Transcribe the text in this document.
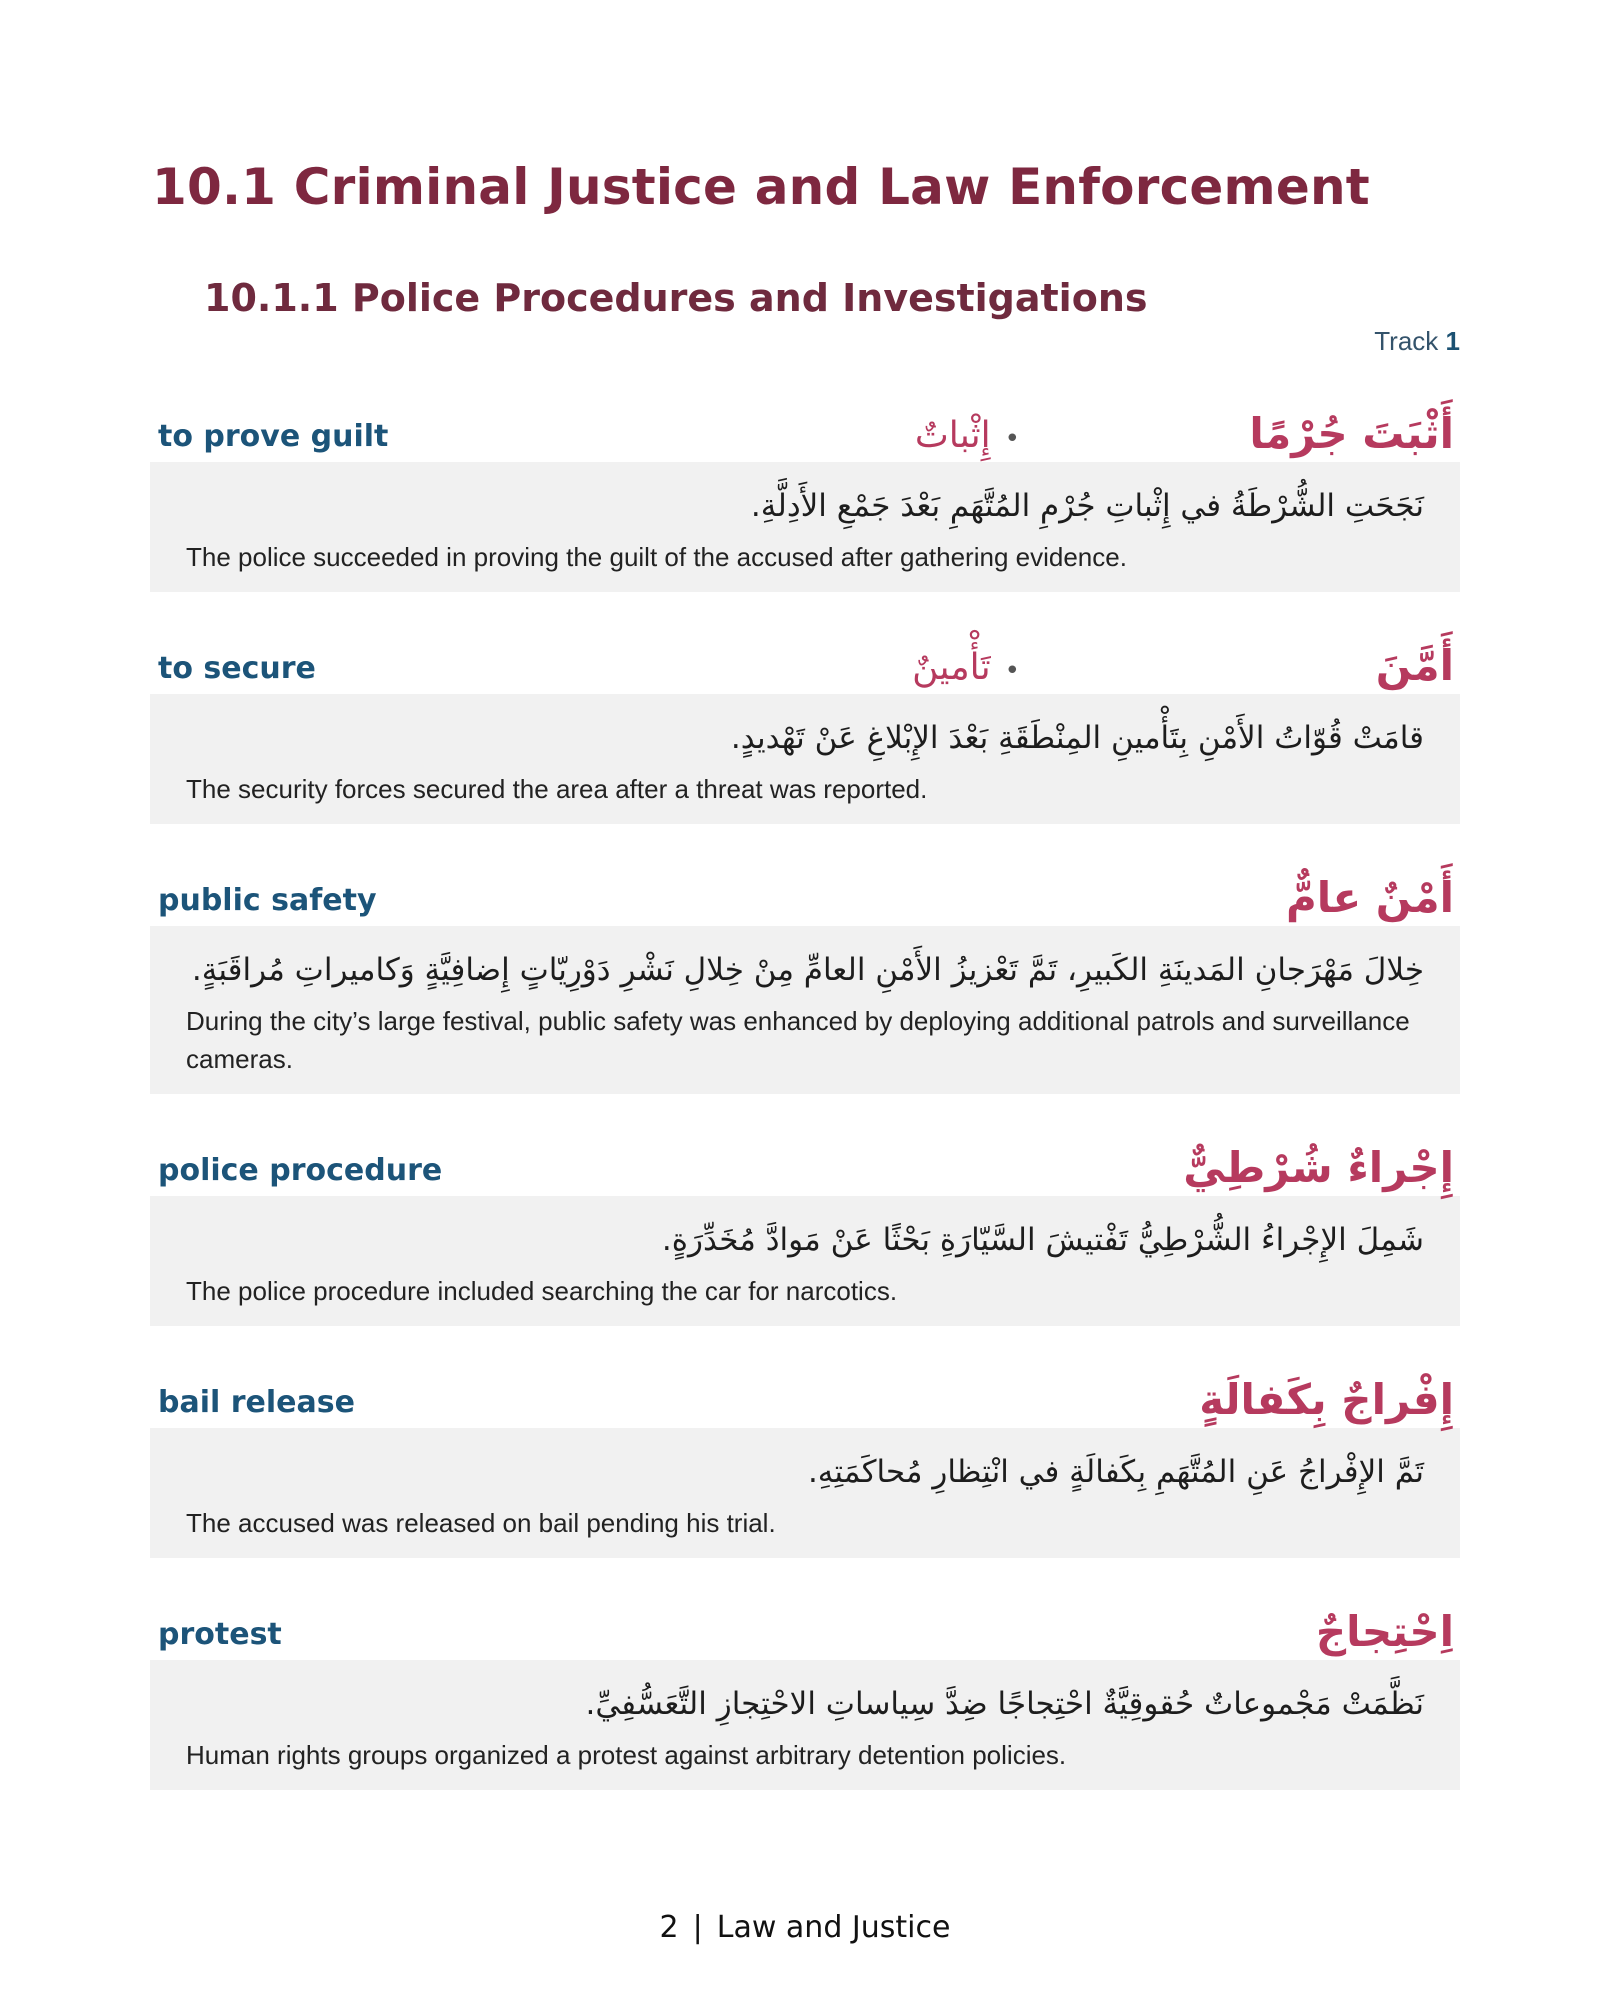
10.1 Criminal Justice and Law Enforcement
10.1.1 Police Procedures and Investigations
Track 1
to prove guilt	•إِثْباتٌ	أَثْبَتَ جُرْمًا
نَجَحَتِ الشُّرْطَةُ في إِثْباتِ جُرْمِ المُتَّهَمِ بَعْدَ جَمْعِ الأَدِلَّةِ.
The police succeeded in proving the guilt of the accused after gathering evidence.
to secure	•تَأْمينٌ	أَمَّنَ
قامَتْ قُوّاتُ الأَمْنِ بِتَأْمينِ المِنْطَقَةِ بَعْدَ الإِبْلاغِ عَنْ تَهْديدٍ.
The security forces secured the area after a threat was reported.
public safety	أَمْنٌ عامٌّ
خِلالَ مَهْرَجانِ المَدينَةِ الكَبيرِ، تَمَّ تَعْزيزُ الأَمْنِ العامِّ مِنْ خِلالِ نَشْرِ دَوْرِيّاتٍ إِضافِيَّةٍ وَكاميراتِ مُراقَبَةٍ.
During the city’s large festival, public safety was enhanced by deploying additional patrols and surveillance cameras.
police procedure	إِجْراءٌ شُرْطِيٌّ
شَمِلَ الإِجْراءُ الشُّرْطِيُّ تَفْتيشَ السَّيّارَةِ بَحْثًا عَنْ مَوادَّ مُخَدِّرَةٍ.
The police procedure included searching the car for narcotics.
bail release	إِفْراجٌ بِكَفالَةٍ
تَمَّ الإِفْراجُ عَنِ المُتَّهَمِ بِكَفالَةٍ في انْتِظارِ مُحاكَمَتِهِ.
The accused was released on bail pending his trial.
protest	اِحْتِجاجٌ
نَظَّمَتْ مَجْموعاتٌ حُقوقِيَّةٌ احْتِجاجًا ضِدَّ سِياساتِ الاحْتِجازِ التَّعَسُّفِيِّ.
Human rights groups organized a protest against arbitrary detention policies.
2 | Law and Justice
